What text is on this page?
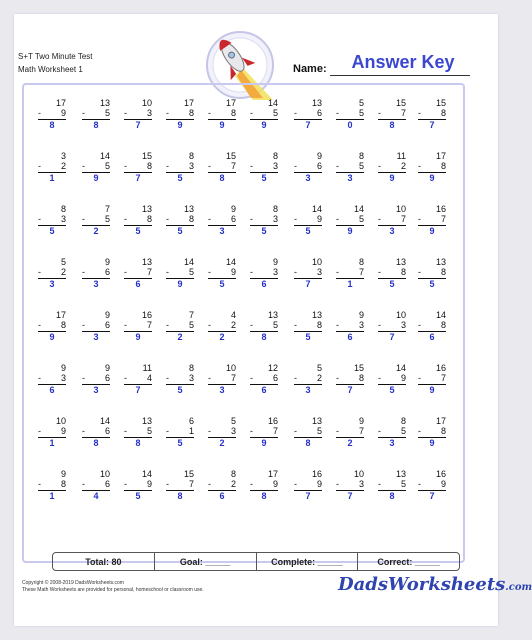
S+T Two Minute Test
Math Worksheet 1	Name:	Answer Key
17
-	9
8
13
-	5
8
10
-	3
7
17
-	8
9
17
-	8
9
14
-	5
9
13
-	6
7
5
-	5
0
15
-	7
8
15
-	8
7
3
-	2
1
14
-	5
9
15
-	8
7
8
-	3
5
15
-	7
8
8
-	3
5
9
-	6
3
8
-	5
3
11
-	2
9
17
-	8
9
8
-	3
5
7
-	5
2
13
-	8
5
13
-	8
5
9
-	6
3
8
-	3
5
14
-	9
5
14
-	5
9
10
-	7
3
16
-	7
9
5
-	2
3
9
-	6
3
13
-	7
6
14
-	5
9
14
-	9
5
9
-	3
6
10
-	3
7
8
-	7
1
13
-	8
5
13
-	8
5
17
-	8
9
9
-	6
3
16
-	7
9
7
-	5
2
4
-	2
2
13
-	5
8
13
-	8
5
9
-	3
6
10
-	3
7
14
-	8
6
9
-	3
6
9
-	6
3
11
-	4
7
8
-	3
5
10
-	7
3
12
-	6
6
5
-	2
3
15
-	8
7
14
-	9
5
16
-	7
9
10
-	9
1
14
-	6
8
13
-	5
8
6
-	1
5
5
-	3
2
16
-	7
9
13
-	5
8
9
-	7
2
8
-	5
3
17
-	8
9
9
-	8
1
10
-	6
4
14
-	9
5
15
-	7
8
8
-	2
6
17
-	9
8
16
-	9
7
10
-	3
7
13
-	5
8
16
-	9
7
Total: 80	Goal: _____	Complete: _____	Correct: _____
Copyright © 2008-2019 DadsWorksheets.com
These Math Worksheets are provided for personal, homeschool or classroom use.	DadsWorksheets.com
